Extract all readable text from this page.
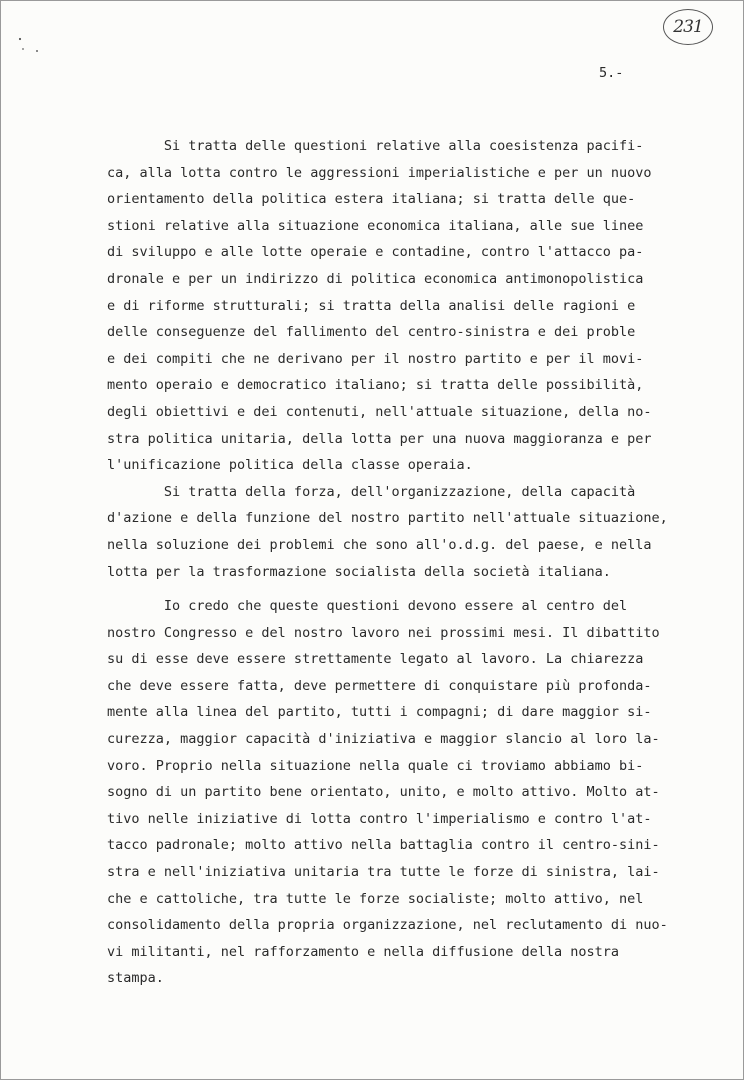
231
5.-
Si tratta delle questioni relative alla coesistenza pacifi-
ca, alla lotta contro le aggressioni imperialistiche e per un nuovo
orientamento della politica estera italiana; si tratta delle que-
stioni relative alla situazione economica italiana, alle sue linee
di sviluppo e alle lotte operaie e contadine, contro l'attacco pa-
dronale e per un indirizzo di politica economica antimonopolistica
e di riforme strutturali; si tratta della analisi delle ragioni e
delle conseguenze del fallimento del centro-sinistra e dei proble
e dei compiti che ne derivano per il nostro partito e per il movi-
mento operaio e democratico italiano; si tratta delle possibilità,
degli obiettivi e dei contenuti, nell'attuale situazione, della no-
stra politica unitaria, della lotta per una nuova maggioranza e per
l'unificazione politica della classe operaia.
Si tratta della forza, dell'organizzazione, della capacità
d'azione e della funzione del nostro partito nell'attuale situazione,
nella soluzione dei problemi che sono all'o.d.g. del paese, e nella
lotta per la trasformazione socialista della società italiana.
Io credo che queste questioni devono essere al centro del
nostro Congresso e del nostro lavoro nei prossimi mesi. Il dibattito
su di esse deve essere strettamente legato al lavoro. La chiarezza
che deve essere fatta, deve permettere di conquistare più profonda-
mente alla linea del partito, tutti i compagni; di dare maggior si-
curezza, maggior capacità d'iniziativa e maggior slancio al loro la-
voro. Proprio nella situazione nella quale ci troviamo abbiamo bi-
sogno di un partito bene orientato, unito, e molto attivo. Molto at-
tivo nelle iniziative di lotta contro l'imperialismo e contro l'at-
tacco padronale; molto attivo nella battaglia contro il centro-sini-
stra e nell'iniziativa unitaria tra tutte le forze di sinistra, lai-
che e cattoliche, tra tutte le forze socialiste; molto attivo, nel
consolidamento della propria organizzazione, nel reclutamento di nuo-
vi militanti, nel rafforzamento e nella diffusione della nostra
stampa.
